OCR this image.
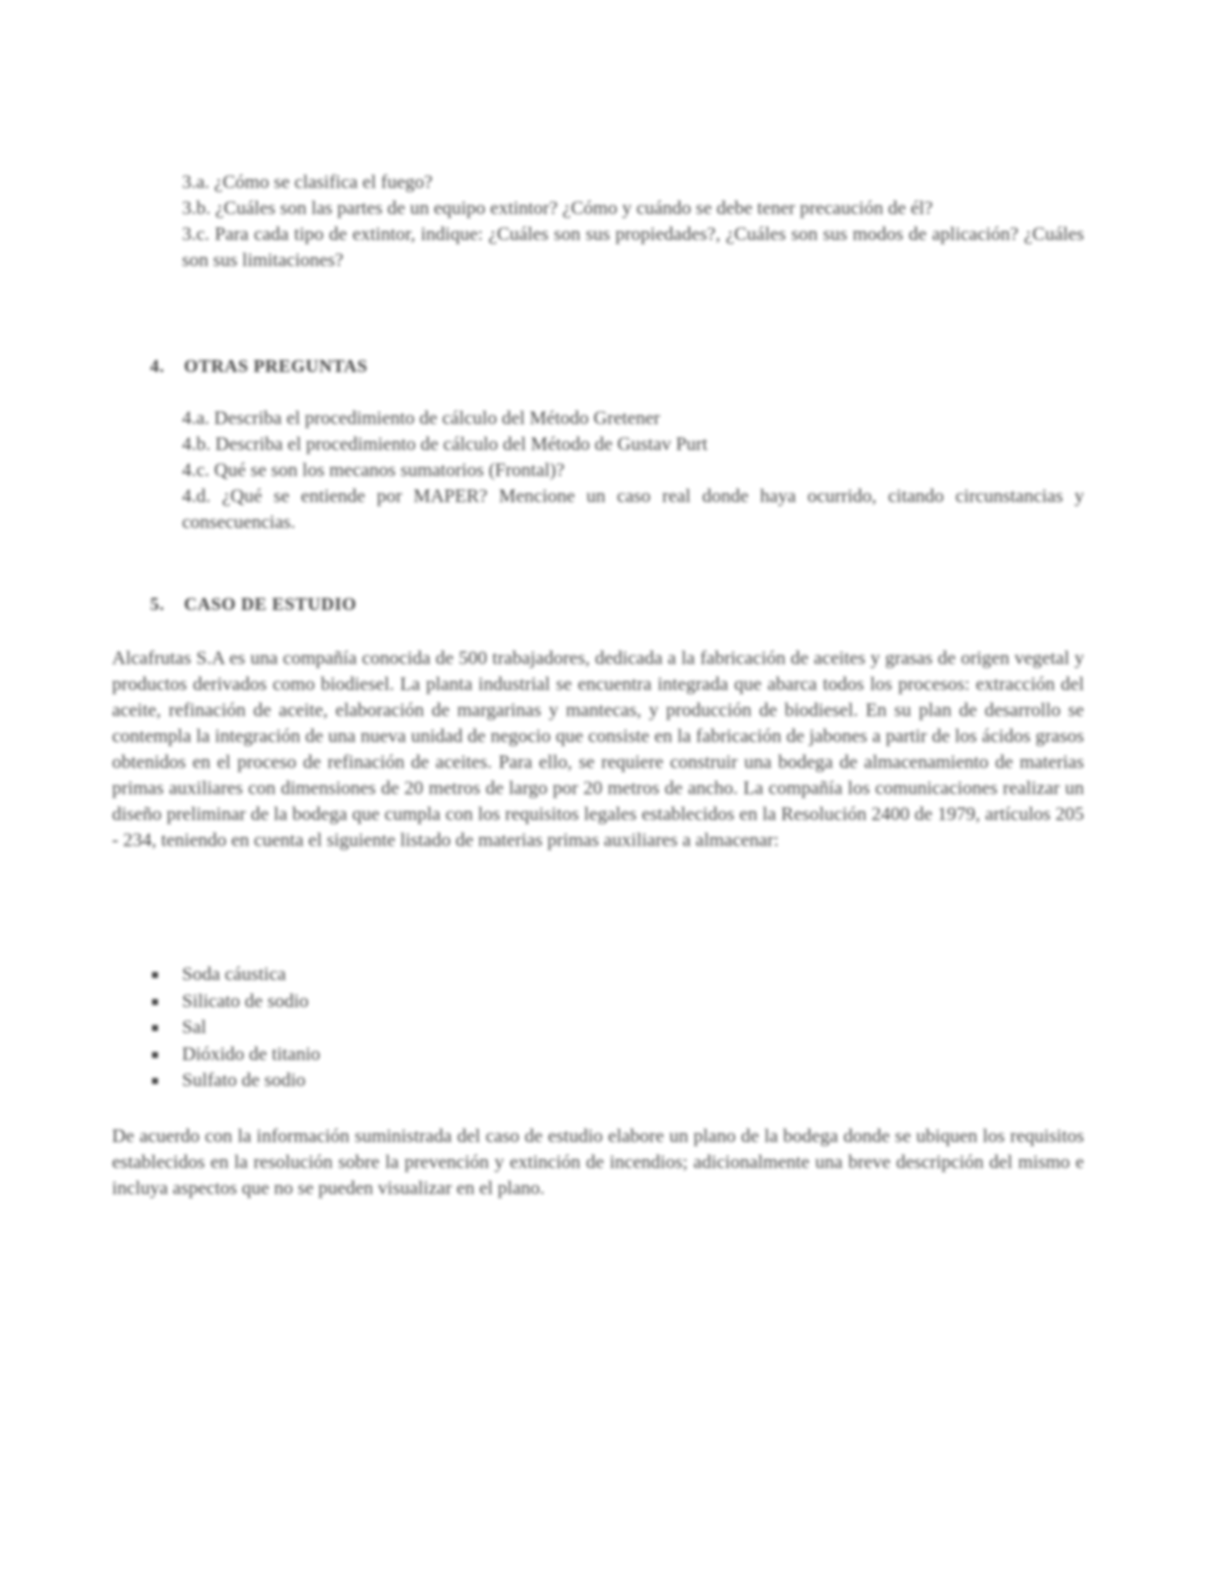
3.a. ¿Cómo se clasifica el fuego?

3.b. ¿Cuáles son las partes de un equipo extintor? ¿Cómo y cuándo se debe tener precaución de él?

3.c. Para cada tipo de extintor, indique: ¿Cuáles son sus propiedades?, ¿Cuáles son sus modos de aplicación? ¿Cuáles son sus limitaciones?

4. OTRAS PREGUNTAS

4.a. Describa el procedimiento de cálculo del Método Gretener

4.b. Describa el procedimiento de cálculo del Método de Gustav Purt

4.c. Qué se son los mecanos sumatorios (Frontal)?

4.d. ¿Qué se entiende por MAPER? Mencione un caso real donde haya ocurrido, citando circunstancias y consecuencias.

5. CASO DE ESTUDIO

Alcafrutas S.A es una compañía conocida de 500 trabajadores, dedicada a la fabricación de aceites y grasas de origen vegetal y productos derivados como biodiesel. La planta industrial se encuentra integrada que abarca todos los procesos: extracción del aceite, refinación de aceite, elaboración de margarinas y mantecas, y producción de biodiesel. En su plan de desarrollo se contempla la integración de una nueva unidad de negocio que consiste en la fabricación de jabones a partir de los ácidos grasos obtenidos en el proceso de refinación de aceites. Para ello, se requiere construir una bodega de almacenamiento de materias primas auxiliares con dimensiones de 20 metros de largo por 20 metros de ancho. La compañía los comunicaciones realizar un diseño preliminar de la bodega que cumpla con los requisitos legales establecidos en la Resolución 2400 de 1979, artículos 205 - 234, teniendo en cuenta el siguiente listado de materias primas auxiliares a almacenar:

Soda cáustica
Silicato de sodio
Sal
Dióxido de titanio
Sulfato de sodio

De acuerdo con la información suministrada del caso de estudio elabore un plano de la bodega donde se ubiquen los requisitos establecidos en la resolución sobre la prevención y extinción de incendios; adicionalmente una breve descripción del mismo e incluya aspectos que no se pueden visualizar en el plano.
